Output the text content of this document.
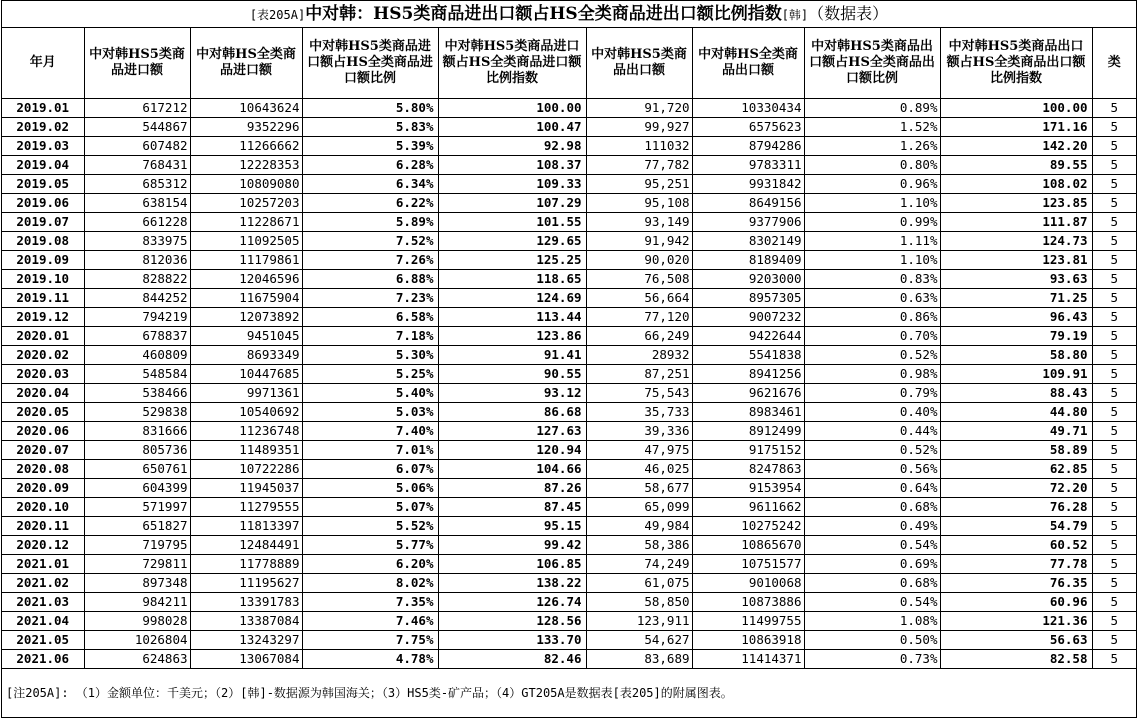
[表205A]中对韩：HS5类商品进出口额占HS全类商品进出口额比例指数[韩]（数据表）
年月	中对韩HS5类商品进口额	中对韩HS全类商品进口额	中对韩HS5类商品进口额占HS全类商品进口额比例	中对韩HS5类商品进口额占HS全类商品进口额比例指数	中对韩HS5类商品出口额	中对韩HS全类商品出口额	中对韩HS5类商品出口额占HS全类商品出口额比例	中对韩HS5类商品出口额占HS全类商品出口额比例指数	类
2019.01	617212	10643624	5.80%	100.00	91,720	10330434	0.89%	100.00	5
2019.02	544867	9352296	5.83%	100.47	99,927	6575623	1.52%	171.16	5
2019.03	607482	11266662	5.39%	92.98	111032	8794286	1.26%	142.20	5
2019.04	768431	12228353	6.28%	108.37	77,782	9783311	0.80%	89.55	5
2019.05	685312	10809080	6.34%	109.33	95,251	9931842	0.96%	108.02	5
2019.06	638154	10257203	6.22%	107.29	95,108	8649156	1.10%	123.85	5
2019.07	661228	11228671	5.89%	101.55	93,149	9377906	0.99%	111.87	5
2019.08	833975	11092505	7.52%	129.65	91,942	8302149	1.11%	124.73	5
2019.09	812036	11179861	7.26%	125.25	90,020	8189409	1.10%	123.81	5
2019.10	828822	12046596	6.88%	118.65	76,508	9203000	0.83%	93.63	5
2019.11	844252	11675904	7.23%	124.69	56,664	8957305	0.63%	71.25	5
2019.12	794219	12073892	6.58%	113.44	77,120	9007232	0.86%	96.43	5
2020.01	678837	9451045	7.18%	123.86	66,249	9422644	0.70%	79.19	5
2020.02	460809	8693349	5.30%	91.41	28932	5541838	0.52%	58.80	5
2020.03	548584	10447685	5.25%	90.55	87,251	8941256	0.98%	109.91	5
2020.04	538466	9971361	5.40%	93.12	75,543	9621676	0.79%	88.43	5
2020.05	529838	10540692	5.03%	86.68	35,733	8983461	0.40%	44.80	5
2020.06	831666	11236748	7.40%	127.63	39,336	8912499	0.44%	49.71	5
2020.07	805736	11489351	7.01%	120.94	47,975	9175152	0.52%	58.89	5
2020.08	650761	10722286	6.07%	104.66	46,025	8247863	0.56%	62.85	5
2020.09	604399	11945037	5.06%	87.26	58,677	9153954	0.64%	72.20	5
2020.10	571997	11279555	5.07%	87.45	65,099	9611662	0.68%	76.28	5
2020.11	651827	11813397	5.52%	95.15	49,984	10275242	0.49%	54.79	5
2020.12	719795	12484491	5.77%	99.42	58,386	10865670	0.54%	60.52	5
2021.01	729811	11778889	6.20%	106.85	74,249	10751577	0.69%	77.78	5
2021.02	897348	11195627	8.02%	138.22	61,075	9010068	0.68%	76.35	5
2021.03	984211	13391783	7.35%	126.74	58,850	10873886	0.54%	60.96	5
2021.04	998028	13387084	7.46%	128.56	123,911	11499755	1.08%	121.36	5
2021.05	1026804	13243297	7.75%	133.70	54,627	10863918	0.50%	56.63	5
2021.06	624863	13067084	4.78%	82.46	83,689	11414371	0.73%	82.58	5
[注205A]: （1）金额单位：千美元；（2）[韩]-数据源为韩国海关；（3）HS5类-矿产品；（4）GT205A是数据表[表205]的附属图表。
